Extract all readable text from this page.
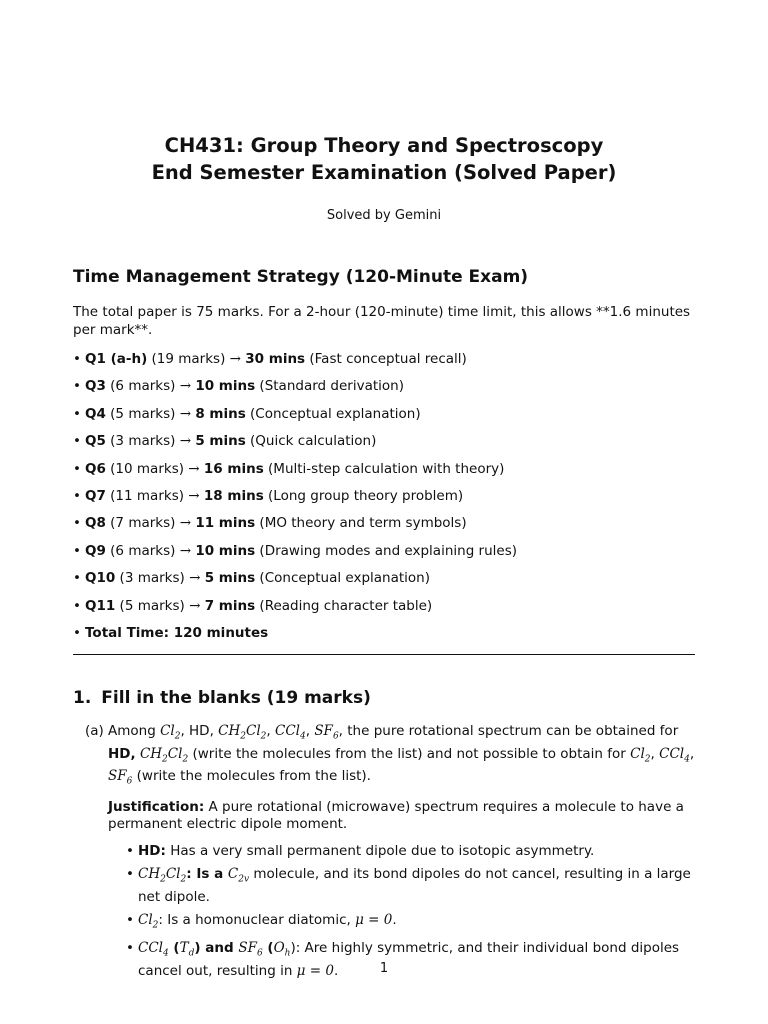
CH431: Group Theory and Spectroscopy
End Semester Examination (Solved Paper)
Solved by Gemini
Time Management Strategy (120-Minute Exam)
The total paper is 75 marks. For a 2-hour (120-minute) time limit, this allows **1.6 minutes per mark**.
• Q1 (a-h) (19 marks) → 30 mins (Fast conceptual recall)
• Q3 (6 marks) → 10 mins (Standard derivation)
• Q4 (5 marks) → 8 mins (Conceptual explanation)
• Q5 (3 marks) → 5 mins (Quick calculation)
• Q6 (10 marks) → 16 mins (Multi-step calculation with theory)
• Q7 (11 marks) → 18 mins (Long group theory problem)
• Q8 (7 marks) → 11 mins (MO theory and term symbols)
• Q9 (6 marks) → 10 mins (Drawing modes and explaining rules)
• Q10 (3 marks) → 5 mins (Conceptual explanation)
• Q11 (5 marks) → 7 mins (Reading character table)
• Total Time: 120 minutes
1. Fill in the blanks (19 marks)
(a) Among $Cl_2$, HD, $CH_2Cl_2$, CCl$_4$, $SF_6$, the pure rotational spectrum can be obtained for HD, $CH_2Cl_2$ (write the molecules from the list) and not possible to obtain for $Cl_2$, CCl$_4$, $SF_6$ (write the molecules from the list).
Justification: A pure rotational (microwave) spectrum requires a molecule to have a permanent electric dipole moment.
• HD: Has a very small permanent dipole due to isotopic asymmetry.
• $CH_2Cl_2$: Is a $C_{2v}$ molecule, and its bond dipoles do not cancel, resulting in a large net dipole.
• $Cl_2$: Is a homonuclear diatomic, μ = 0.
• CCl$_4$ $(T_d)$ and $SF_6$ $(O_h)$: Are highly symmetric, and their individual bond dipoles cancel out, resulting in μ = 0.	1
